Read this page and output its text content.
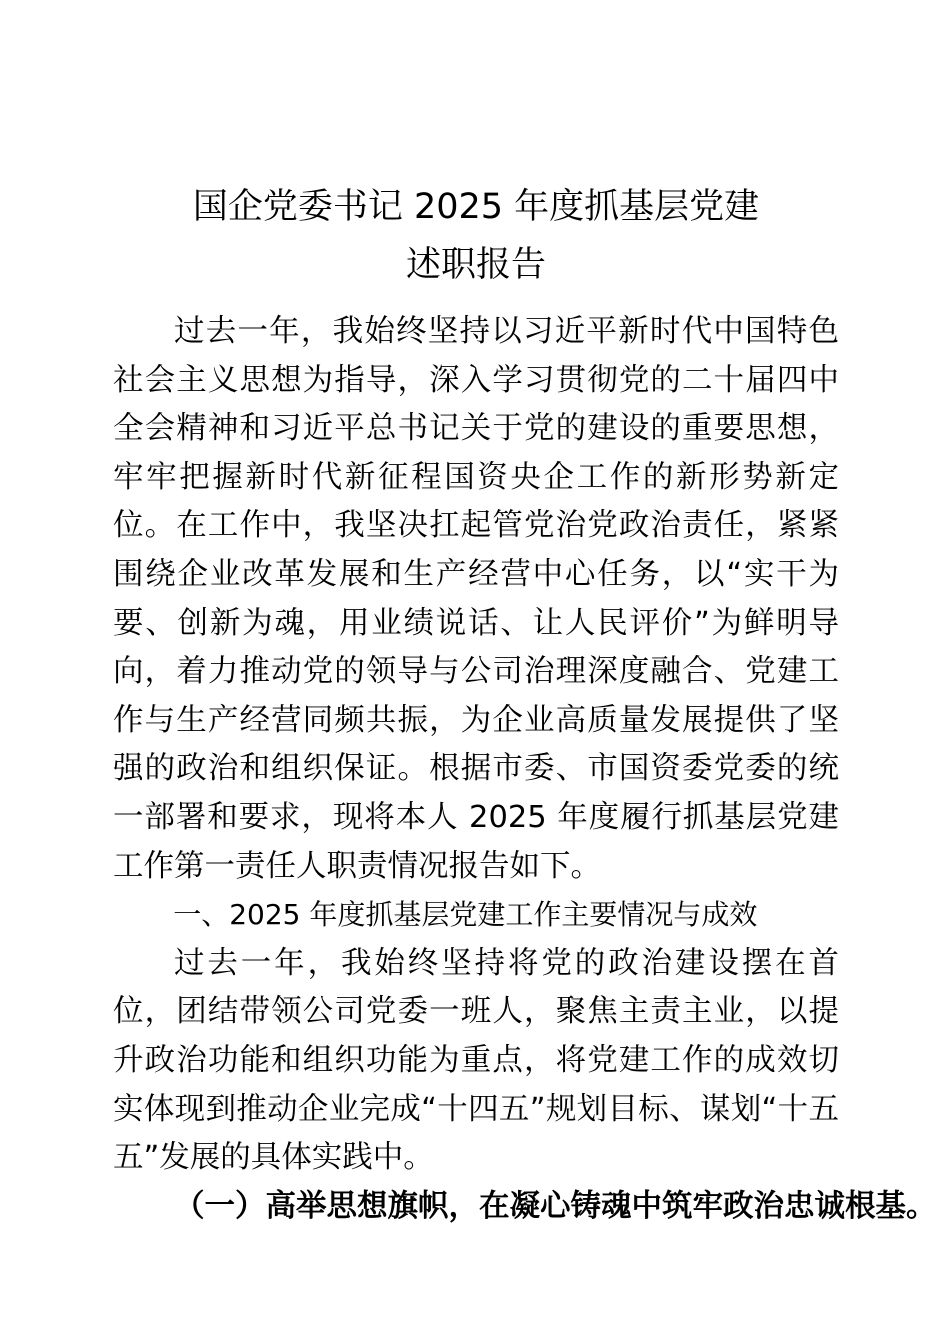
国企党委书记 2025 年度抓基层党建
述职报告

过去一年，我始终坚持以习近平新时代中国特色社会主义思想为指导，深入学习贯彻党的二十届四中全会精神和习近平总书记关于党的建设的重要思想，牢牢把握新时代新征程国资央企工作的新形势新定位。在工作中，我坚决扛起管党治党政治责任，紧紧围绕企业改革发展和生产经营中心任务，以“实干为要、创新为魂，用业绩说话、让人民评价”为鲜明导向，着力推动党的领导与公司治理深度融合、党建工作与生产经营同频共振，为企业高质量发展提供了坚强的政治和组织保证。根据市委、市国资委党委的统一部署和要求，现将本人 2025 年度履行抓基层党建工作第一责任人职责情况报告如下。

一、2025 年度抓基层党建工作主要情况与成效

过去一年，我始终坚持将党的政治建设摆在首位，团结带领公司党委一班人，聚焦主责主业，以提升政治功能和组织功能为重点，将党建工作的成效切实体现到推动企业完成“十四五”规划目标、谋划“十五五”发展的具体实践中。

（一）高举思想旗帜，在凝心铸魂中筑牢政治忠诚根基。
